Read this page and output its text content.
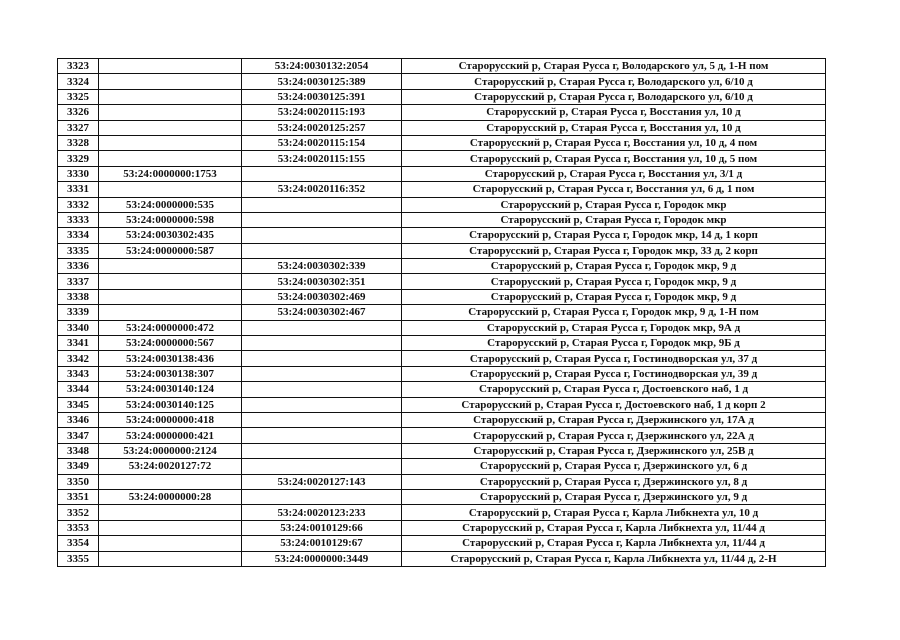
3323		53:24:0030132:2054	Старорусский р, Старая Русса г, Володарского ул, 5 д, 1-Н пом
3324		53:24:0030125:389	Старорусский р, Старая Русса г, Володарского ул, 6/10 д
3325		53:24:0030125:391	Старорусский р, Старая Русса г, Володарского ул, 6/10 д
3326		53:24:0020115:193	Старорусский р, Старая Русса г, Восстания ул, 10 д
3327		53:24:0020125:257	Старорусский р, Старая Русса г, Восстания ул, 10 д
3328		53:24:0020115:154	Старорусский р, Старая Русса г, Восстания ул, 10 д, 4 пом
3329		53:24:0020115:155	Старорусский р, Старая Русса г, Восстания ул, 10 д, 5 пом
3330	53:24:0000000:1753		Старорусский р, Старая Русса г, Восстания ул, 3/1 д
3331		53:24:0020116:352	Старорусский р, Старая Русса г, Восстания ул, 6 д, 1 пом
3332	53:24:0000000:535		Старорусский р, Старая Русса г, Городок мкр
3333	53:24:0000000:598		Старорусский р, Старая Русса г, Городок мкр
3334	53:24:0030302:435		Старорусский р, Старая Русса г, Городок мкр, 14 д, 1 корп
3335	53:24:0000000:587		Старорусский р, Старая Русса г, Городок мкр, 33 д, 2 корп
3336		53:24:0030302:339	Старорусский р, Старая Русса г, Городок мкр, 9 д
3337		53:24:0030302:351	Старорусский р, Старая Русса г, Городок мкр, 9 д
3338		53:24:0030302:469	Старорусский р, Старая Русса г, Городок мкр, 9 д
3339		53:24:0030302:467	Старорусский р, Старая Русса г, Городок мкр, 9 д, 1-Н пом
3340	53:24:0000000:472		Старорусский р, Старая Русса г, Городок мкр, 9А д
3341	53:24:0000000:567		Старорусский р, Старая Русса г, Городок мкр, 9Б д
3342	53:24:0030138:436		Старорусский р, Старая Русса г, Гостинодворская ул, 37 д
3343	53:24:0030138:307		Старорусский р, Старая Русса г, Гостинодворская ул, 39 д
3344	53:24:0030140:124		Старорусский р, Старая Русса г, Достоевского наб, 1 д
3345	53:24:0030140:125		Старорусский р, Старая Русса г, Достоевского наб, 1 д корп 2
3346	53:24:0000000:418		Старорусский р, Старая Русса г, Дзержинского ул, 17А д
3347	53:24:0000000:421		Старорусский р, Старая Русса г, Дзержинского ул, 22А д
3348	53:24:0000000:2124		Старорусский р, Старая Русса г, Дзержинского ул, 25В д
3349	53:24:0020127:72		Старорусский р, Старая Русса г, Дзержинского ул, 6 д
3350		53:24:0020127:143	Старорусский р, Старая Русса г, Дзержинского ул, 8 д
3351	53:24:0000000:28		Старорусский р, Старая Русса г, Дзержинского ул, 9 д
3352		53:24:0020123:233	Старорусский р, Старая Русса г, Карла Либкнехта ул, 10 д
3353		53:24:0010129:66	Старорусский р, Старая Русса г, Карла Либкнехта ул, 11/44 д
3354		53:24:0010129:67	Старорусский р, Старая Русса г, Карла Либкнехта ул, 11/44 д
3355		53:24:0000000:3449	Старорусский р, Старая Русса г, Карла Либкнехта ул, 11/44 д, 2-Н
